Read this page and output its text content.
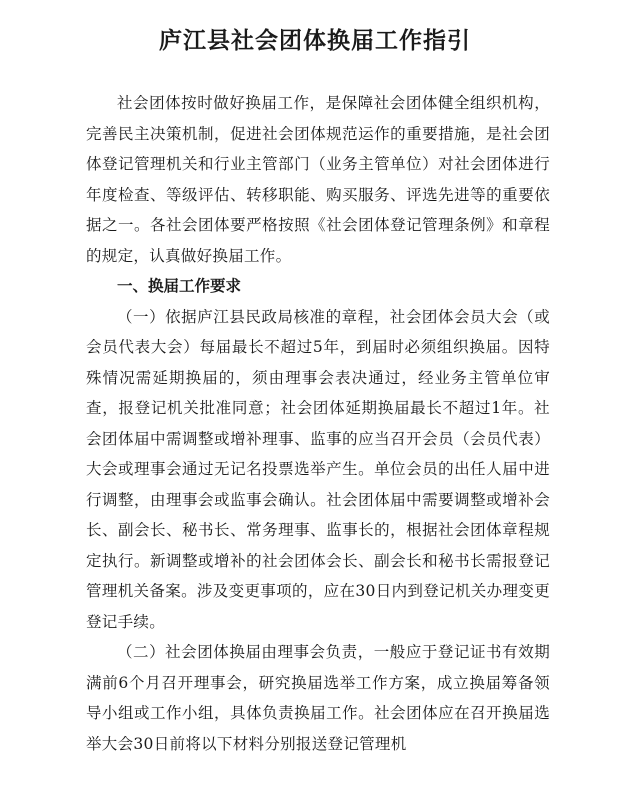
庐江县社会团体换届工作指引

社会团体按时做好换届工作，是保障社会团体健全组织机构，完善民主决策机制，促进社会团体规范运作的重要措施，是社会团体登记管理机关和行业主管部门（业务主管单位）对社会团体进行年度检查、等级评估、转移职能、购买服务、评选先进等的重要依据之一。各社会团体要严格按照《社会团体登记管理条例》和章程的规定，认真做好换届工作。

一、换届工作要求

（一）依据庐江县民政局核准的章程，社会团体会员大会（或会员代表大会）每届最长不超过5年，到届时必须组织换届。因特殊情况需延期换届的，须由理事会表决通过，经业务主管单位审查，报登记机关批准同意；社会团体延期换届最长不超过1年。社会团体届中需调整或增补理事、监事的应当召开会员（会员代表）大会或理事会通过无记名投票选举产生。单位会员的出任人届中进行调整，由理事会或监事会确认。社会团体届中需要调整或增补会长、副会长、秘书长、常务理事、监事长的，根据社会团体章程规定执行。新调整或增补的社会团体会长、副会长和秘书长需报登记管理机关备案。涉及变更事项的，应在30日内到登记机关办理变更登记手续。

（二）社会团体换届由理事会负责，一般应于登记证书有效期满前6个月召开理事会，研究换届选举工作方案，成立换届筹备领导小组或工作小组，具体负责换届工作。社会团体应在召开换届选举大会30日前将以下材料分别报送登记管理机
